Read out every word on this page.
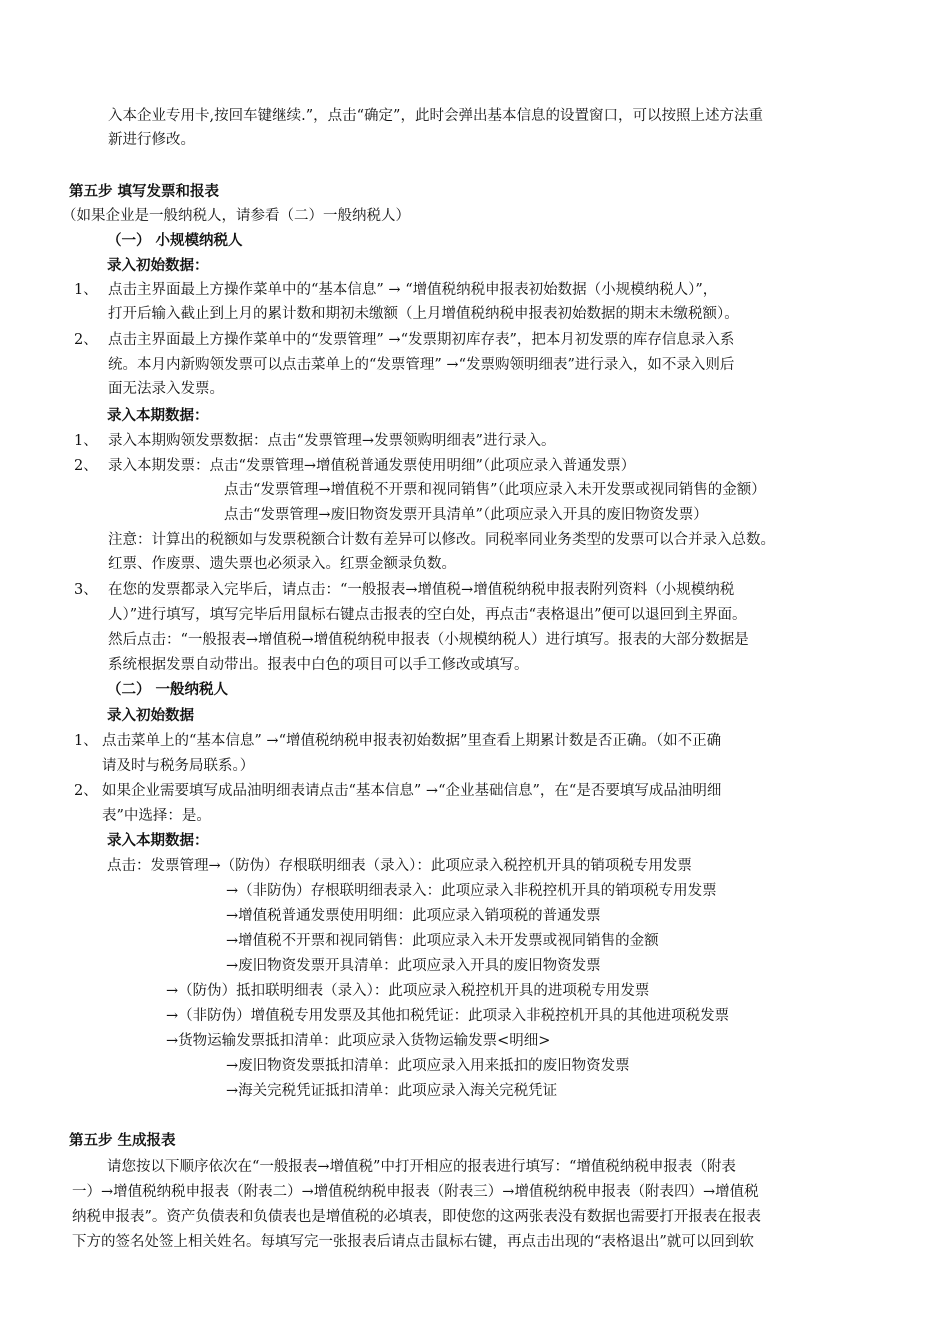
入本企业专用卡,按回车键继续.”，点击“确定”，此时会弹出基本信息的设置窗口，可以按照上述方法重
新进行修改。
第五步 填写发票和报表
（如果企业是一般纳税人，请参看（二）一般纳税人）
（一） 小规模纳税人
录入初始数据：
1、 点击主界面最上方操作菜单中的“基本信息” → “增值税纳税申报表初始数据（小规模纳税人）”，
打开后输入截止到上月的累计数和期初未缴额（上月增值税纳税申报表初始数据的期末未缴税额）。
2、 点击主界面最上方操作菜单中的“发票管理” →“发票期初库存表”，把本月初发票的库存信息录入系
统。本月内新购领发票可以点击菜单上的“发票管理” →“发票购领明细表”进行录入，如不录入则后
面无法录入发票。
录入本期数据：
1、 录入本期购领发票数据：点击“发票管理→发票领购明细表”进行录入。
2、 录入本期发票：点击“发票管理→增值税普通发票使用明细”（此项应录入普通发票）
点击“发票管理→增值税不开票和视同销售”（此项应录入未开发票或视同销售的金额）
点击“发票管理→废旧物资发票开具清单”（此项应录入开具的废旧物资发票）
注意：计算出的税额如与发票税额合计数有差异可以修改。同税率同业务类型的发票可以合并录入总数。
红票、作废票、遗失票也必须录入。红票金额录负数。
3、 在您的发票都录入完毕后，请点击：“一般报表→增值税→增值税纳税申报表附列资料（小规模纳税
人）”进行填写，填写完毕后用鼠标右键点击报表的空白处，再点击“表格退出”便可以退回到主界面。
然后点击：“一般报表→增值税→增值税纳税申报表（小规模纳税人）进行填写。报表的大部分数据是
系统根据发票自动带出。报表中白色的项目可以手工修改或填写。
（二） 一般纳税人
录入初始数据
1、 点击菜单上的“基本信息” →“增值税纳税申报表初始数据”里查看上期累计数是否正确。（如不正确
请及时与税务局联系。）
2、 如果企业需要填写成品油明细表请点击“基本信息” →“企业基础信息”，在“是否要填写成品油明细
表”中选择：是。
录入本期数据：
点击：发票管理→（防伪）存根联明细表（录入）：此项应录入税控机开具的销项税专用发票
→（非防伪）存根联明细表录入：此项应录入非税控机开具的销项税专用发票
→增值税普通发票使用明细：此项应录入销项税的普通发票
→增值税不开票和视同销售：此项应录入未开发票或视同销售的金额
→废旧物资发票开具清单：此项应录入开具的废旧物资发票
→（防伪）抵扣联明细表（录入）：此项应录入税控机开具的进项税专用发票
→（非防伪）增值税专用发票及其他扣税凭证：此项录入非税控机开具的其他进项税发票
→货物运输发票抵扣清单：此项应录入货物运输发票<明细>
→废旧物资发票抵扣清单：此项应录入用来抵扣的废旧物资发票
→海关完税凭证抵扣清单：此项应录入海关完税凭证
第五步 生成报表
请您按以下顺序依次在“一般报表→增值税”中打开相应的报表进行填写：“增值税纳税申报表（附表
一）→增值税纳税申报表（附表二）→增值税纳税申报表（附表三）→增值税纳税申报表（附表四）→增值税
纳税申报表”。资产负债表和负债表也是增值税的必填表，即使您的这两张表没有数据也需要打开报表在报表
下方的签名处签上相关姓名。每填写完一张报表后请点击鼠标右键，再点击出现的“表格退出”就可以回到软
